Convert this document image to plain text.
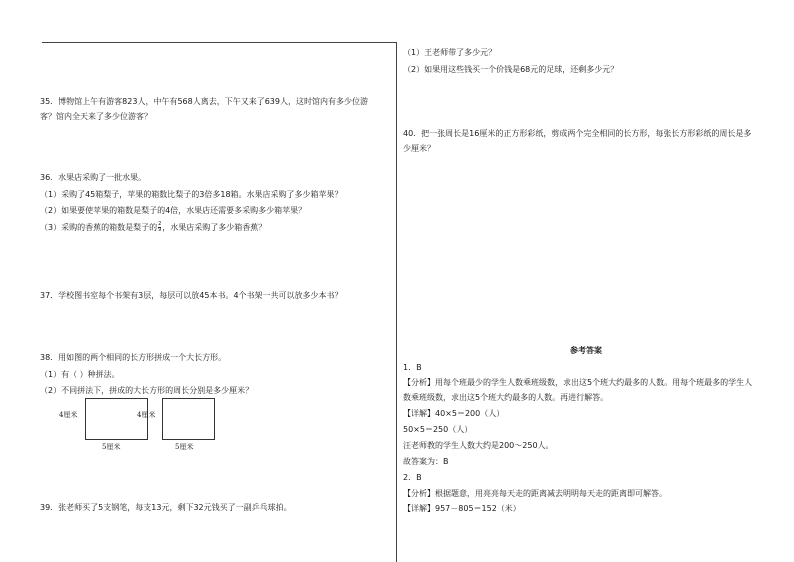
35．博物馆上午有游客823人，中午有568人离去，下午又来了639人，这时馆内有多少位游
客？馆内全天来了多少位游客？
36．水果店采购了一批水果。
（1）采购了45箱梨子，苹果的箱数比梨子的3倍多18箱。水果店采购了多少箱苹果？
（2）如果要使苹果的箱数是梨子的4倍，水果店还需要多采购多少箱苹果？
（3）采购的香蕉的箱数是梨子的 $\frac{2}{9}$ ，水果店采购了多少箱香蕉？
37．学校图书室每个书架有3层，每层可以放45本书。4个书架一共可以放多少本书？
38．用如图的两个相同的长方形拼成一个大长方形。
（1）有（ ）种拼法。
（2）不同拼法下，拼成的大长方形的周长分别是多少厘米？
4厘米
5厘米
4厘米
5厘米
39．张老师买了5支钢笔，每支13元，剩下32元钱买了一副乒乓球拍。
（1）王老师带了多少元？
（2）如果用这些钱买一个价钱是68元的足球，还剩多少元？
40．把一张周长是16厘米的正方形彩纸，剪成两个完全相同的长方形，每张长方形彩纸的周长是多
少厘米？
参考答案
1．B
【分析】用每个班最少的学生人数乘班级数，求出这5个班大约最多的人数。用每个班最多的学生人
数乘班级数，求出这5个班大约最多的人数。再进行解答。
【详解】40×5＝200（人）
50×5＝250（人）
汪老师教的学生人数大约是200～250人。
故答案为：B
2．B
【分析】根据题意，用亮亮每天走的距离减去明明每天走的距离即可解答。
【详解】957－805＝152（米）
